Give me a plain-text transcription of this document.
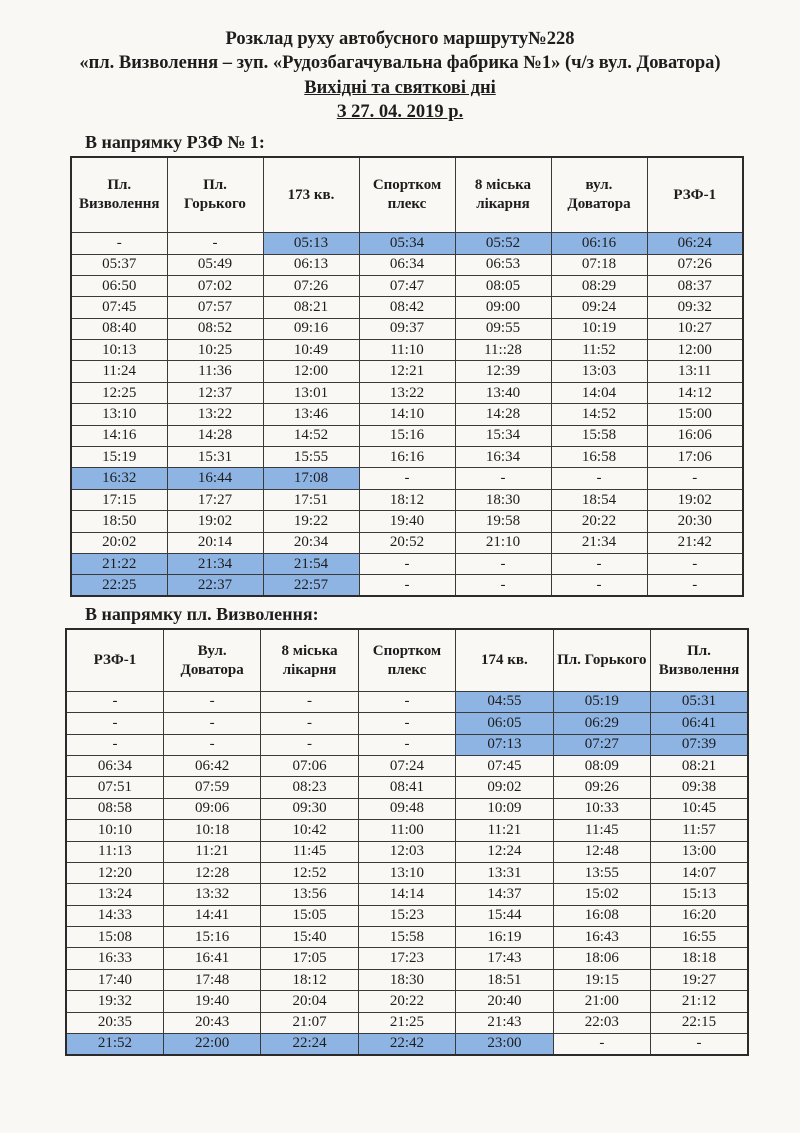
Розклад руху автобусного маршруту№228
«пл. Визволення – зуп. «Рудозбагачувальна фабрика №1» (ч/з вул. Доватора)
Вихідні та святкові дні
З 27. 04. 2019 р.
В напрямку РЗФ № 1:
Пл. Визволення	Пл. Горького	173 кв.	Спортком плекс	8 міська лікарня	вул. Доватора	РЗФ-1
-	-	05:13	05:34	05:52	06:16	06:24
05:37	05:49	06:13	06:34	06:53	07:18	07:26
06:50	07:02	07:26	07:47	08:05	08:29	08:37
07:45	07:57	08:21	08:42	09:00	09:24	09:32
08:40	08:52	09:16	09:37	09:55	10:19	10:27
10:13	10:25	10:49	11:10	11::28	11:52	12:00
11:24	11:36	12:00	12:21	12:39	13:03	13:11
12:25	12:37	13:01	13:22	13:40	14:04	14:12
13:10	13:22	13:46	14:10	14:28	14:52	15:00
14:16	14:28	14:52	15:16	15:34	15:58	16:06
15:19	15:31	15:55	16:16	16:34	16:58	17:06
16:32	16:44	17:08	-	-	-	-
17:15	17:27	17:51	18:12	18:30	18:54	19:02
18:50	19:02	19:22	19:40	19:58	20:22	20:30
20:02	20:14	20:34	20:52	21:10	21:34	21:42
21:22	21:34	21:54	-	-	-	-
22:25	22:37	22:57	-	-	-	-
В напрямку пл. Визволення:
РЗФ-1	Вул. Доватора	8 міська лікарня	Спортком плекс	174 кв.	Пл. Горького	Пл. Визволення
-	-	-	-	04:55	05:19	05:31
-	-	-	-	06:05	06:29	06:41
-	-	-	-	07:13	07:27	07:39
06:34	06:42	07:06	07:24	07:45	08:09	08:21
07:51	07:59	08:23	08:41	09:02	09:26	09:38
08:58	09:06	09:30	09:48	10:09	10:33	10:45
10:10	10:18	10:42	11:00	11:21	11:45	11:57
11:13	11:21	11:45	12:03	12:24	12:48	13:00
12:20	12:28	12:52	13:10	13:31	13:55	14:07
13:24	13:32	13:56	14:14	14:37	15:02	15:13
14:33	14:41	15:05	15:23	15:44	16:08	16:20
15:08	15:16	15:40	15:58	16:19	16:43	16:55
16:33	16:41	17:05	17:23	17:43	18:06	18:18
17:40	17:48	18:12	18:30	18:51	19:15	19:27
19:32	19:40	20:04	20:22	20:40	21:00	21:12
20:35	20:43	21:07	21:25	21:43	22:03	22:15
21:52	22:00	22:24	22:42	23:00	-	-
